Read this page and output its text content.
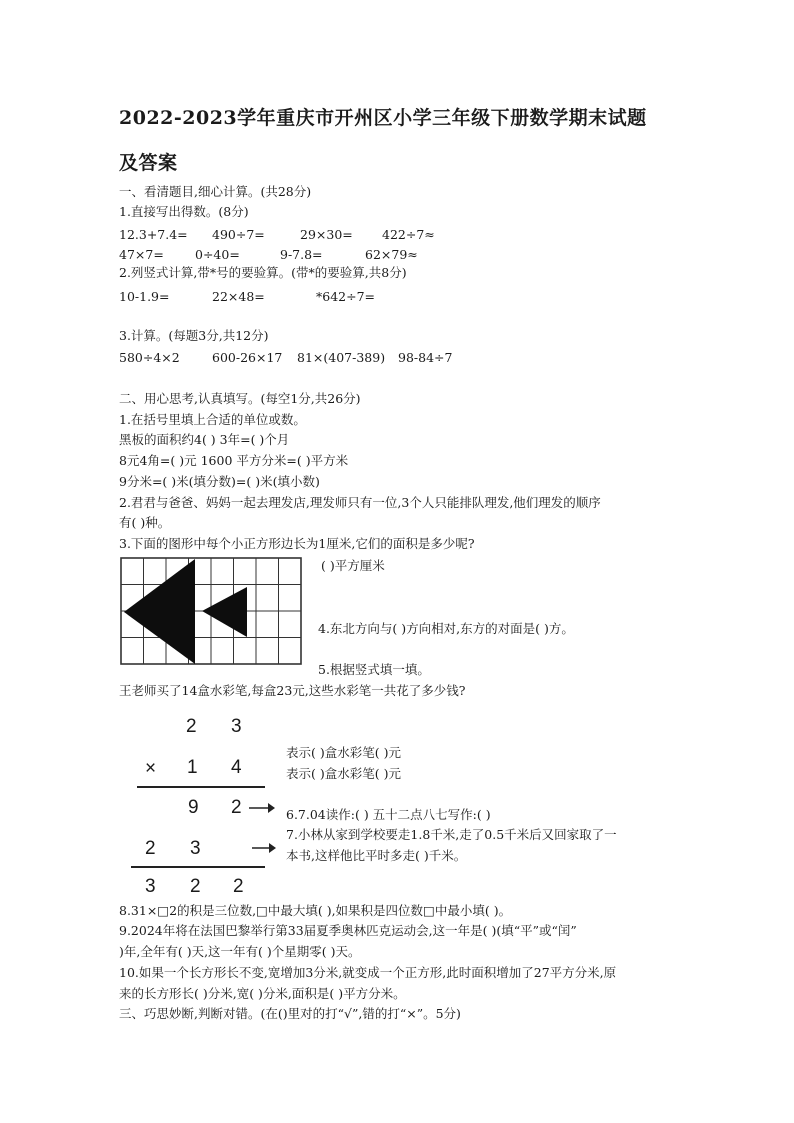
2022-2023学年重庆市开州区小学三年级下册数学期末试题
及答案
一、看清题目,细心计算。(共28分)
1.直接写出得数。(8分)
12.3+7.4= 490÷7=	29×30= 422÷7≈
47×7= 0÷40=	9-7.8=	62×79≈
2.列竖式计算,带*号的要验算。(带*的要验算,共8分)
10-1.9=	22×48=	*642÷7=
3.计算。(每题3分,共12分)
580÷4×2	600-26×17 81×(407-389) 98-84÷7
二、用心思考,认真填写。(每空1分,共26分)
1.在括号里填上合适的单位或数。
黑板的面积约4( ) 3年=( )个月
8元4角=( )元 1600 平方分米=( )平方米
9分米=( )米(填分数)=( )米(填小数)
2.君君与爸爸、妈妈一起去理发店,理发师只有一位,3个人只能排队理发,他们理发的顺序
有( )种。
3.下面的图形中每个小正方形边长为1厘米,它们的面积是多少呢?
( )平方厘米
4.东北方向与( )方向相对,东方的对面是( )方。
5.根据竖式填一填。
王老师买了14盒水彩笔,每盒23元,这些水彩笔一共花了多少钱?
2 3
× 1 4
9 2
2 3
3 2 2
表示( )盒水彩笔( )元
表示( )盒水彩笔( )元
6.7.04读作:( ) 五十二点八七写作:( )
7.小林从家到学校要走1.8千米,走了0.5千米后又回家取了一
本书,这样他比平时多走( )千米。
8.31×□2的积是三位数,□中最大填( ),如果积是四位数□中最小填( )。
9.2024年将在法国巴黎举行第33届夏季奥林匹克运动会,这一年是( )(填“平”或“闰”
)年,全年有( )天,这一年有( )个星期零( )天。
10.如果一个长方形长不变,宽增加3分米,就变成一个正方形,此时面积增加了27平方分米,原
来的长方形长( )分米,宽( )分米,面积是( )平方分米。
三、巧思妙断,判断对错。(在()里对的打“√”,错的打“×”。5分)
